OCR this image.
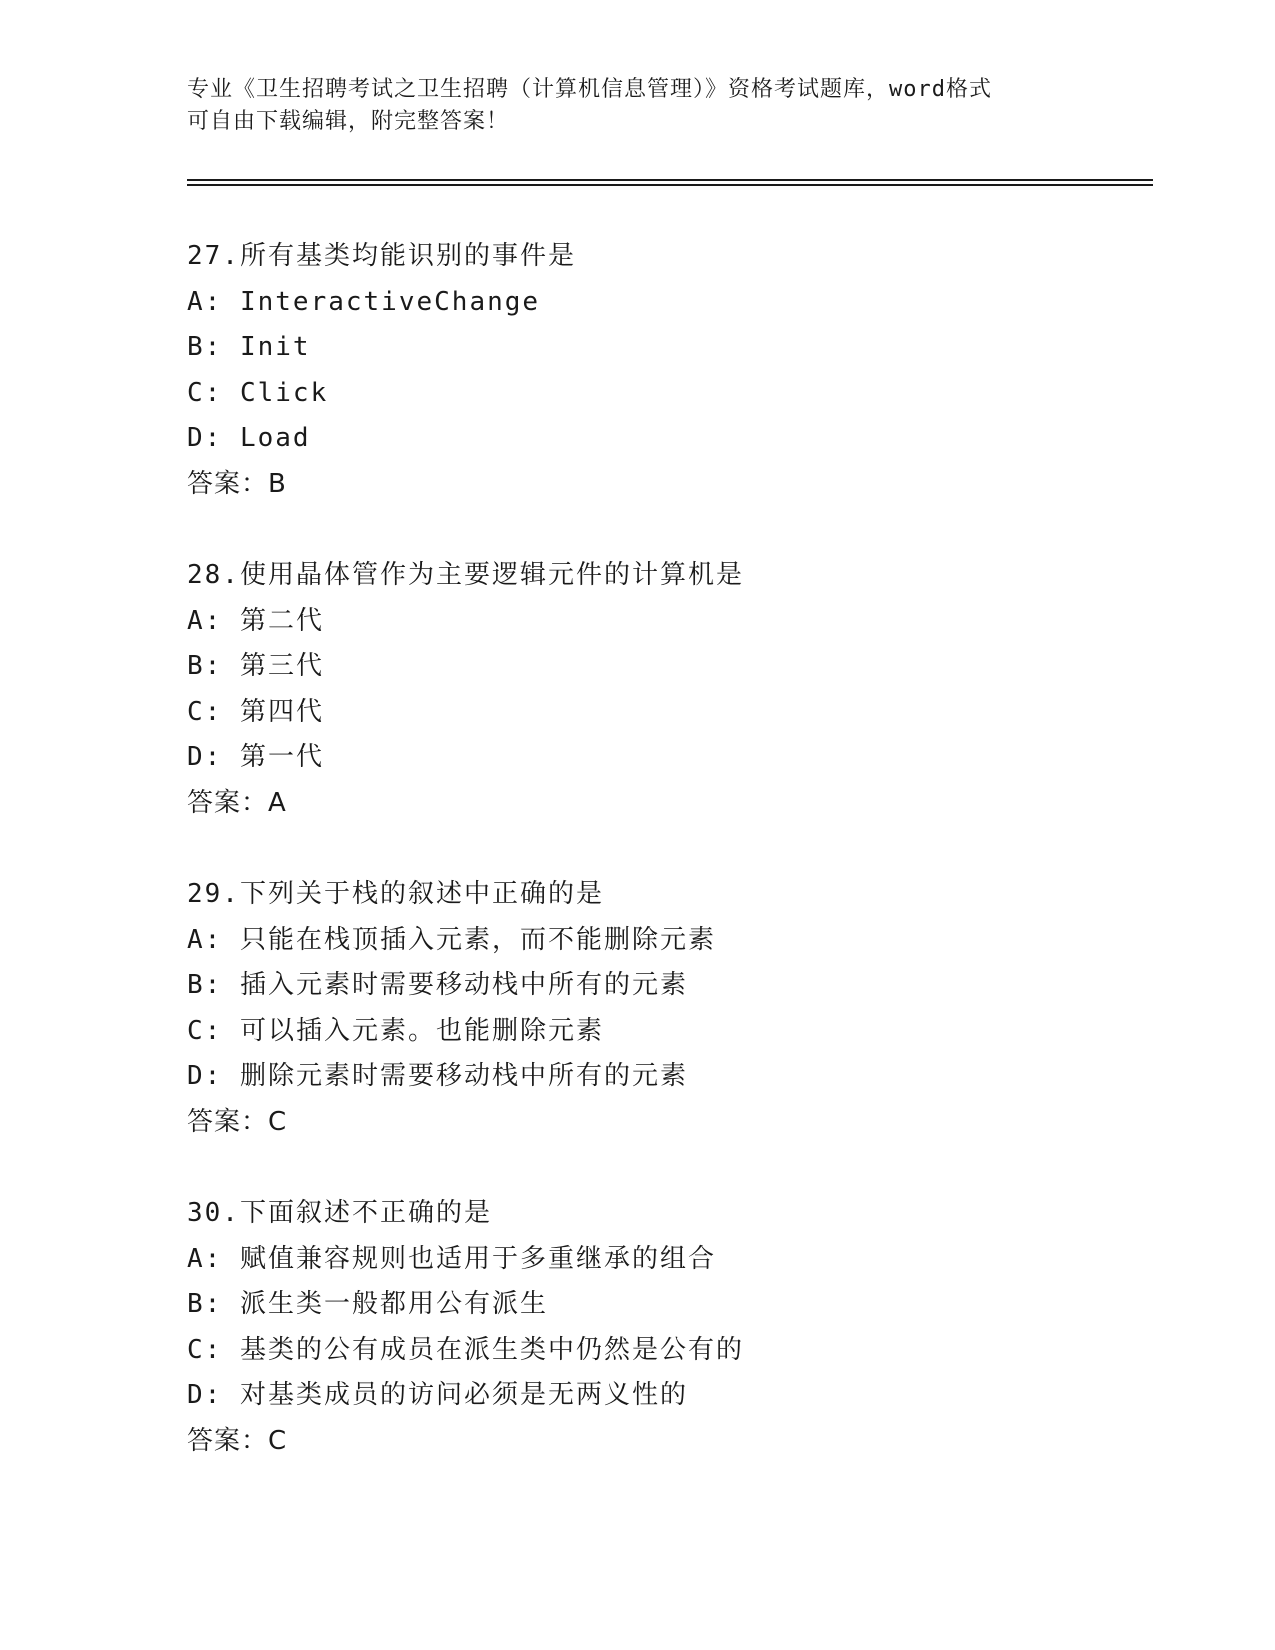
专业《卫生招聘考试之卫生招聘（计算机信息管理）》资格考试题库，word格式
可自由下载编辑，附完整答案！
27.所有基类均能识别的事件是
A: InteractiveChange
B: Init
C: Click
D: Load
答案：B
28.使用晶体管作为主要逻辑元件的计算机是
A: 第二代
B: 第三代
C: 第四代
D: 第一代
答案：A
29.下列关于栈的叙述中正确的是
A: 只能在栈顶插入元素，而不能删除元素
B: 插入元素时需要移动栈中所有的元素
C: 可以插入元素。也能删除元素
D: 删除元素时需要移动栈中所有的元素
答案：C
30.下面叙述不正确的是
A: 赋值兼容规则也适用于多重继承的组合
B: 派生类一般都用公有派生
C: 基类的公有成员在派生类中仍然是公有的
D: 对基类成员的访问必须是无两义性的
答案：C
